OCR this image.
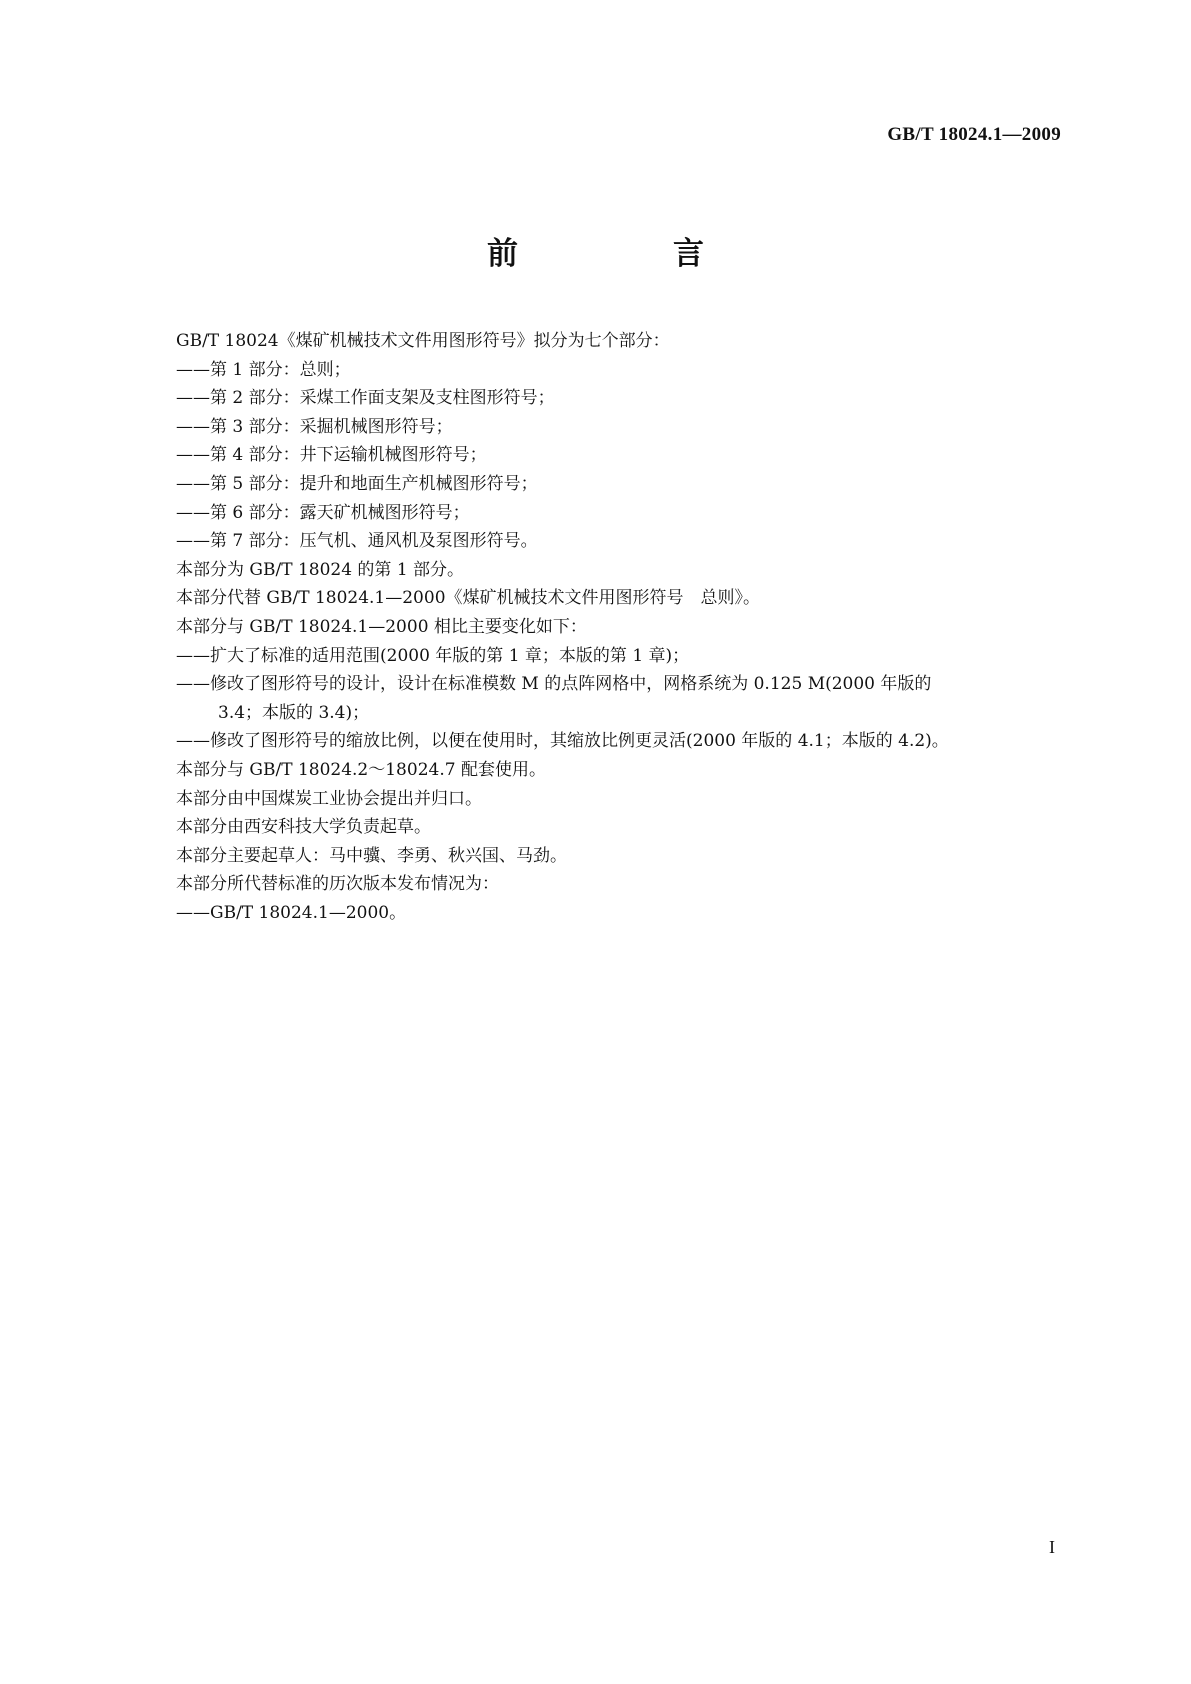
GB/T 18024.1—2009
前　言
GB/T 18024《煤矿机械技术文件用图形符号》拟分为七个部分：
——第 1 部分：总则；
——第 2 部分：采煤工作面支架及支柱图形符号；
——第 3 部分：采掘机械图形符号；
——第 4 部分：井下运输机械图形符号；
——第 5 部分：提升和地面生产机械图形符号；
——第 6 部分：露天矿机械图形符号；
——第 7 部分：压气机、通风机及泵图形符号。
本部分为 GB/T 18024 的第 1 部分。
本部分代替 GB/T 18024.1—2000《煤矿机械技术文件用图形符号　总则》。
本部分与 GB/T 18024.1—2000 相比主要变化如下：
——扩大了标准的适用范围(2000 年版的第 1 章；本版的第 1 章)；
——修改了图形符号的设计，设计在标准模数 M 的点阵网格中，网格系统为 0.125 M(2000 年版的
3.4；本版的 3.4)；
——修改了图形符号的缩放比例，以便在使用时，其缩放比例更灵活(2000 年版的 4.1；本版的 4.2)。
本部分与 GB/T 18024.2～18024.7 配套使用。
本部分由中国煤炭工业协会提出并归口。
本部分由西安科技大学负责起草。
本部分主要起草人：马中骥、李勇、秋兴国、马劲。
本部分所代替标准的历次版本发布情况为：
——GB/T 18024.1—2000。
I
